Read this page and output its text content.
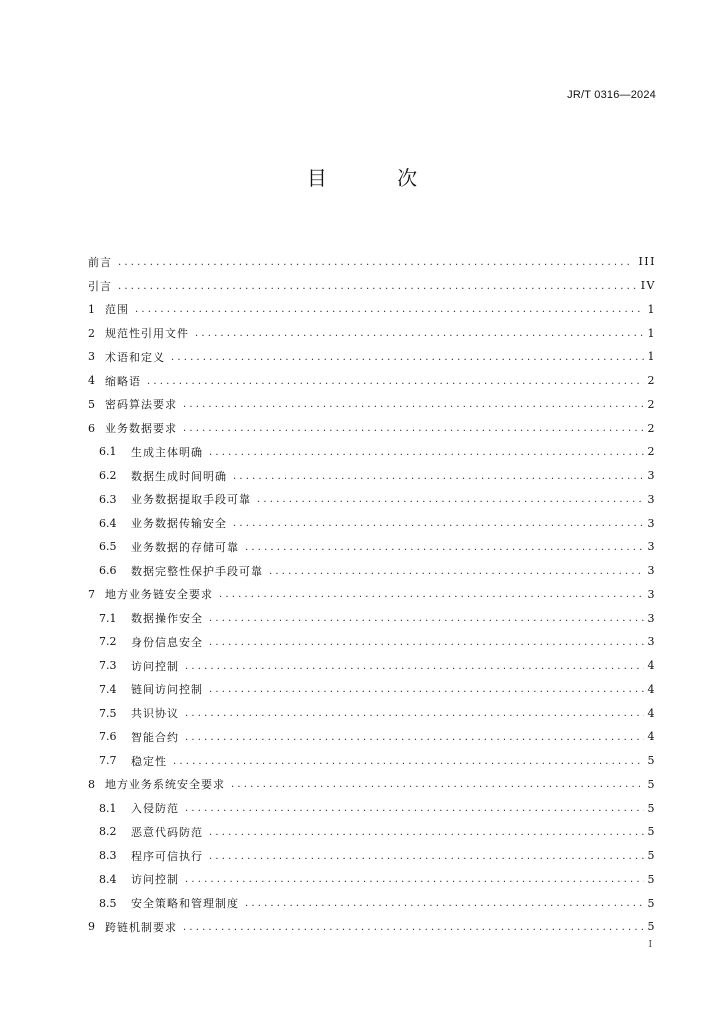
JR/T 0316—2024
目 次
前言 . . .	III
引言 . . .	IV
1 范围 . . .	1
2 规范性引用文件 . . .	1
3 术语和定义 . . .	1
4 缩略语 . . .	2
5 密码算法要求 . . .	2
6 业务数据要求 . . .	2
6.1	生成主体明确 . . .	2
6.2	数据生成时间明确 . . .	3
6.3	业务数据提取手段可靠 . . .	3
6.4	业务数据传输安全 . . .	3
6.5	业务数据的存储可靠 . . .	3
6.6	数据完整性保护手段可靠 . . .	3
7 地方业务链安全要求 . . .	3
7.1	数据操作安全 . . .	3
7.2	身份信息安全 . . .	3
7.3	访问控制 . . .	4
7.4	链间访问控制 . . .	4
7.5	共识协议 . . .	4
7.6	智能合约 . . .	4
7.7	稳定性 . . .	5
8 地方业务系统安全要求 . . .	5
8.1	入侵防范 . . .	5
8.2	恶意代码防范 . . .	5
8.3	程序可信执行 . . .	5
8.4	访问控制 . . .	5
8.5	安全策略和管理制度 . . .	5
9 跨链机制要求 . . .	5
I
